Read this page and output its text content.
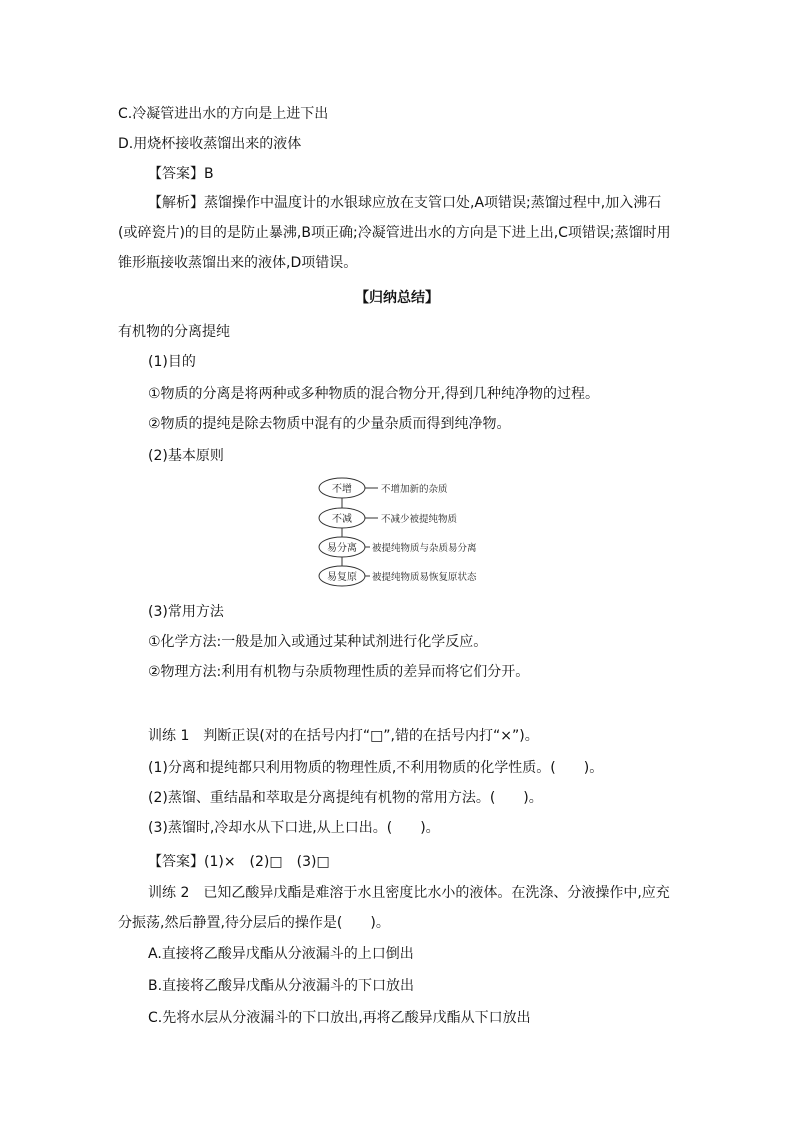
C.冷凝管进出水的方向是上进下出
D.用烧杯接收蒸馏出来的液体
【答案】B
【解析】蒸馏操作中温度计的水银球应放在支管口处,A项错误;蒸馏过程中,加入沸石(或碎瓷片)的目的是防止暴沸,B项正确;冷凝管进出水的方向是下进上出,C项错误;蒸馏时用锥形瓶接收蒸馏出来的液体,D项错误。
【归纳总结】
有机物的分离提纯
(1)目的
①物质的分离是将两种或多种物质的混合物分开,得到几种纯净物的过程。
②物质的提纯是除去物质中混有的少量杂质而得到纯净物。
(2)基本原则
不增	不增加新的杂质
不减	不减少被提纯物质
易分离 被提纯物质与杂质易分离
易复原 被提纯物质易恢复原状态
(3)常用方法
①化学方法:一般是加入或通过某种试剂进行化学反应。
②物理方法:利用有机物与杂质物理性质的差异而将它们分开。
训练 1　判断正误(对的在括号内打“□”,错的在括号内打“×”)。
(1)分离和提纯都只利用物质的物理性质,不利用物质的化学性质。(　　)。
(2)蒸馏、重结晶和萃取是分离提纯有机物的常用方法。(　　)。
(3)蒸馏时,冷却水从下口进,从上口出。(　　)。
【答案】(1)×　(2)□　(3)□
训练 2　已知乙酸异戊酯是难溶于水且密度比水小的液体。在洗涤、分液操作中,应充分振荡,然后静置,待分层后的操作是(　　)。
A.直接将乙酸异戊酯从分液漏斗的上口倒出
B.直接将乙酸异戊酯从分液漏斗的下口放出
C.先将水层从分液漏斗的下口放出,再将乙酸异戊酯从下口放出
